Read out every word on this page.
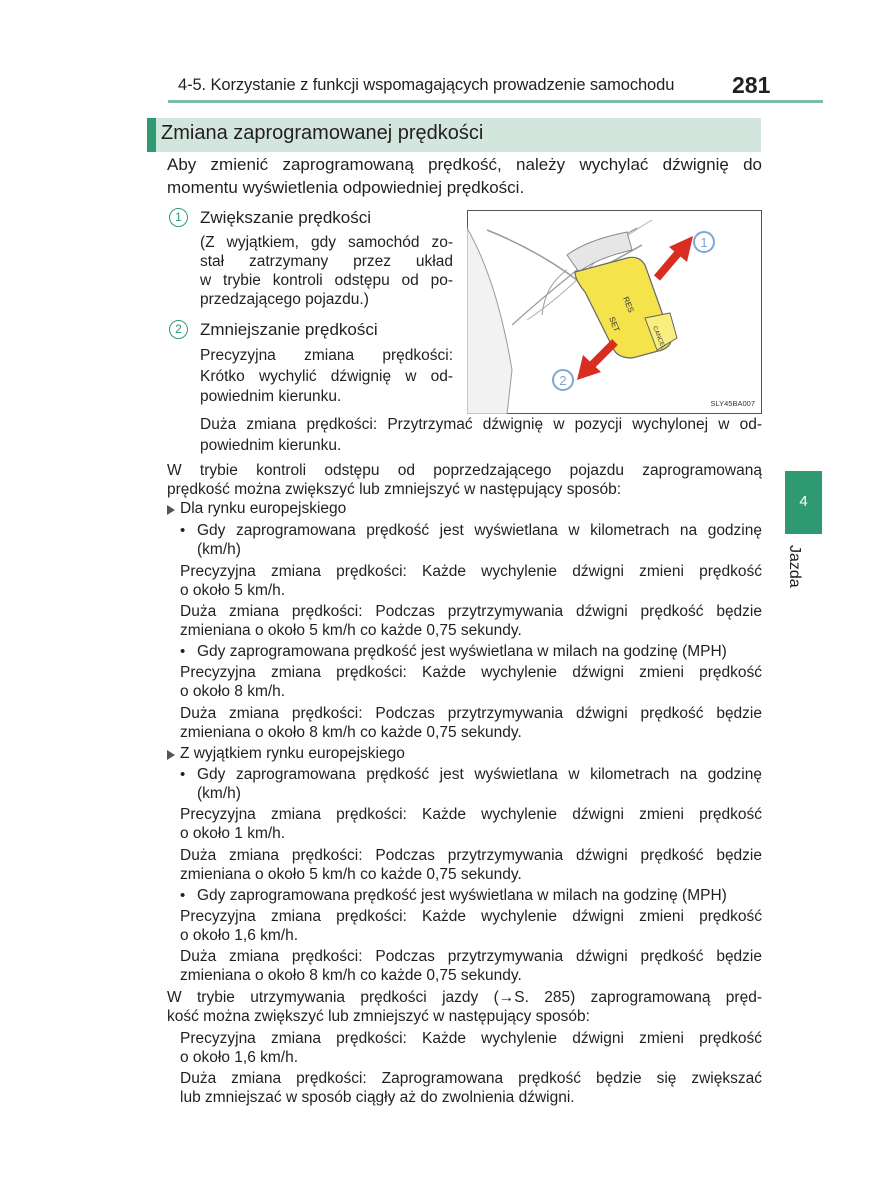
4-5. Korzystanie z funkcji wspomagających prowadzenie samochodu	281
Zmiana zaprogramowanej prędkości
Aby zmienić zaprogramowaną prędkość, należy wychylać dźwignię do
momentu wyświetlenia odpowiedniej prędkości.
1	Zwiększanie prędkości
(Z wyjątkiem, gdy samochód zo-
stał zatrzymany przez układ
w trybie kontroli odstępu od po-
przedzającego pojazdu.)
2	Zmniejszanie prędkości
Precyzyjna zmiana prędkości:
Krótko wychylić dźwignię w od-
powiednim kierunku.
Duża zmiana prędkości: Przytrzymać dźwignię w pozycji wychylonej w od-
powiednim kierunku.
RES
SET
CANCEL
1
2
SLY45BA007
W trybie kontroli odstępu od poprzedzającego pojazdu zaprogramowaną
prędkość można zwiększyć lub zmniejszyć w następujący sposób:
Dla rynku europejskiego
• Gdy zaprogramowana prędkość jest wyświetlana w kilometrach na godzinę
(km/h)
Precyzyjna zmiana prędkości: Każde wychylenie dźwigni zmieni prędkość
o około 5 km/h.
Duża zmiana prędkości: Podczas przytrzymywania dźwigni prędkość będzie
zmieniana o około 5 km/h co każde 0,75 sekundy.
• Gdy zaprogramowana prędkość jest wyświetlana w milach na godzinę (MPH)
Precyzyjna zmiana prędkości: Każde wychylenie dźwigni zmieni prędkość
o około 8 km/h.
Duża zmiana prędkości: Podczas przytrzymywania dźwigni prędkość będzie
zmieniana o około 8 km/h co każde 0,75 sekundy.
Z wyjątkiem rynku europejskiego
• Gdy zaprogramowana prędkość jest wyświetlana w kilometrach na godzinę
(km/h)
Precyzyjna zmiana prędkości: Każde wychylenie dźwigni zmieni prędkość
o około 1 km/h.
Duża zmiana prędkości: Podczas przytrzymywania dźwigni prędkość będzie
zmieniana o około 5 km/h co każde 0,75 sekundy.
• Gdy zaprogramowana prędkość jest wyświetlana w milach na godzinę (MPH)
Precyzyjna zmiana prędkości: Każde wychylenie dźwigni zmieni prędkość
o około 1,6 km/h.
Duża zmiana prędkości: Podczas przytrzymywania dźwigni prędkość będzie
zmieniana o około 8 km/h co każde 0,75 sekundy.
W trybie utrzymywania prędkości jazdy (→S. 285) zaprogramowaną pręd-
kość można zwiększyć lub zmniejszyć w następujący sposób:
Precyzyjna zmiana prędkości: Każde wychylenie dźwigni zmieni prędkość
o około 1,6 km/h.
Duża zmiana prędkości: Zaprogramowana prędkość będzie się zwiększać
lub zmniejszać w sposób ciągły aż do zwolnienia dźwigni.
4
Jazda
